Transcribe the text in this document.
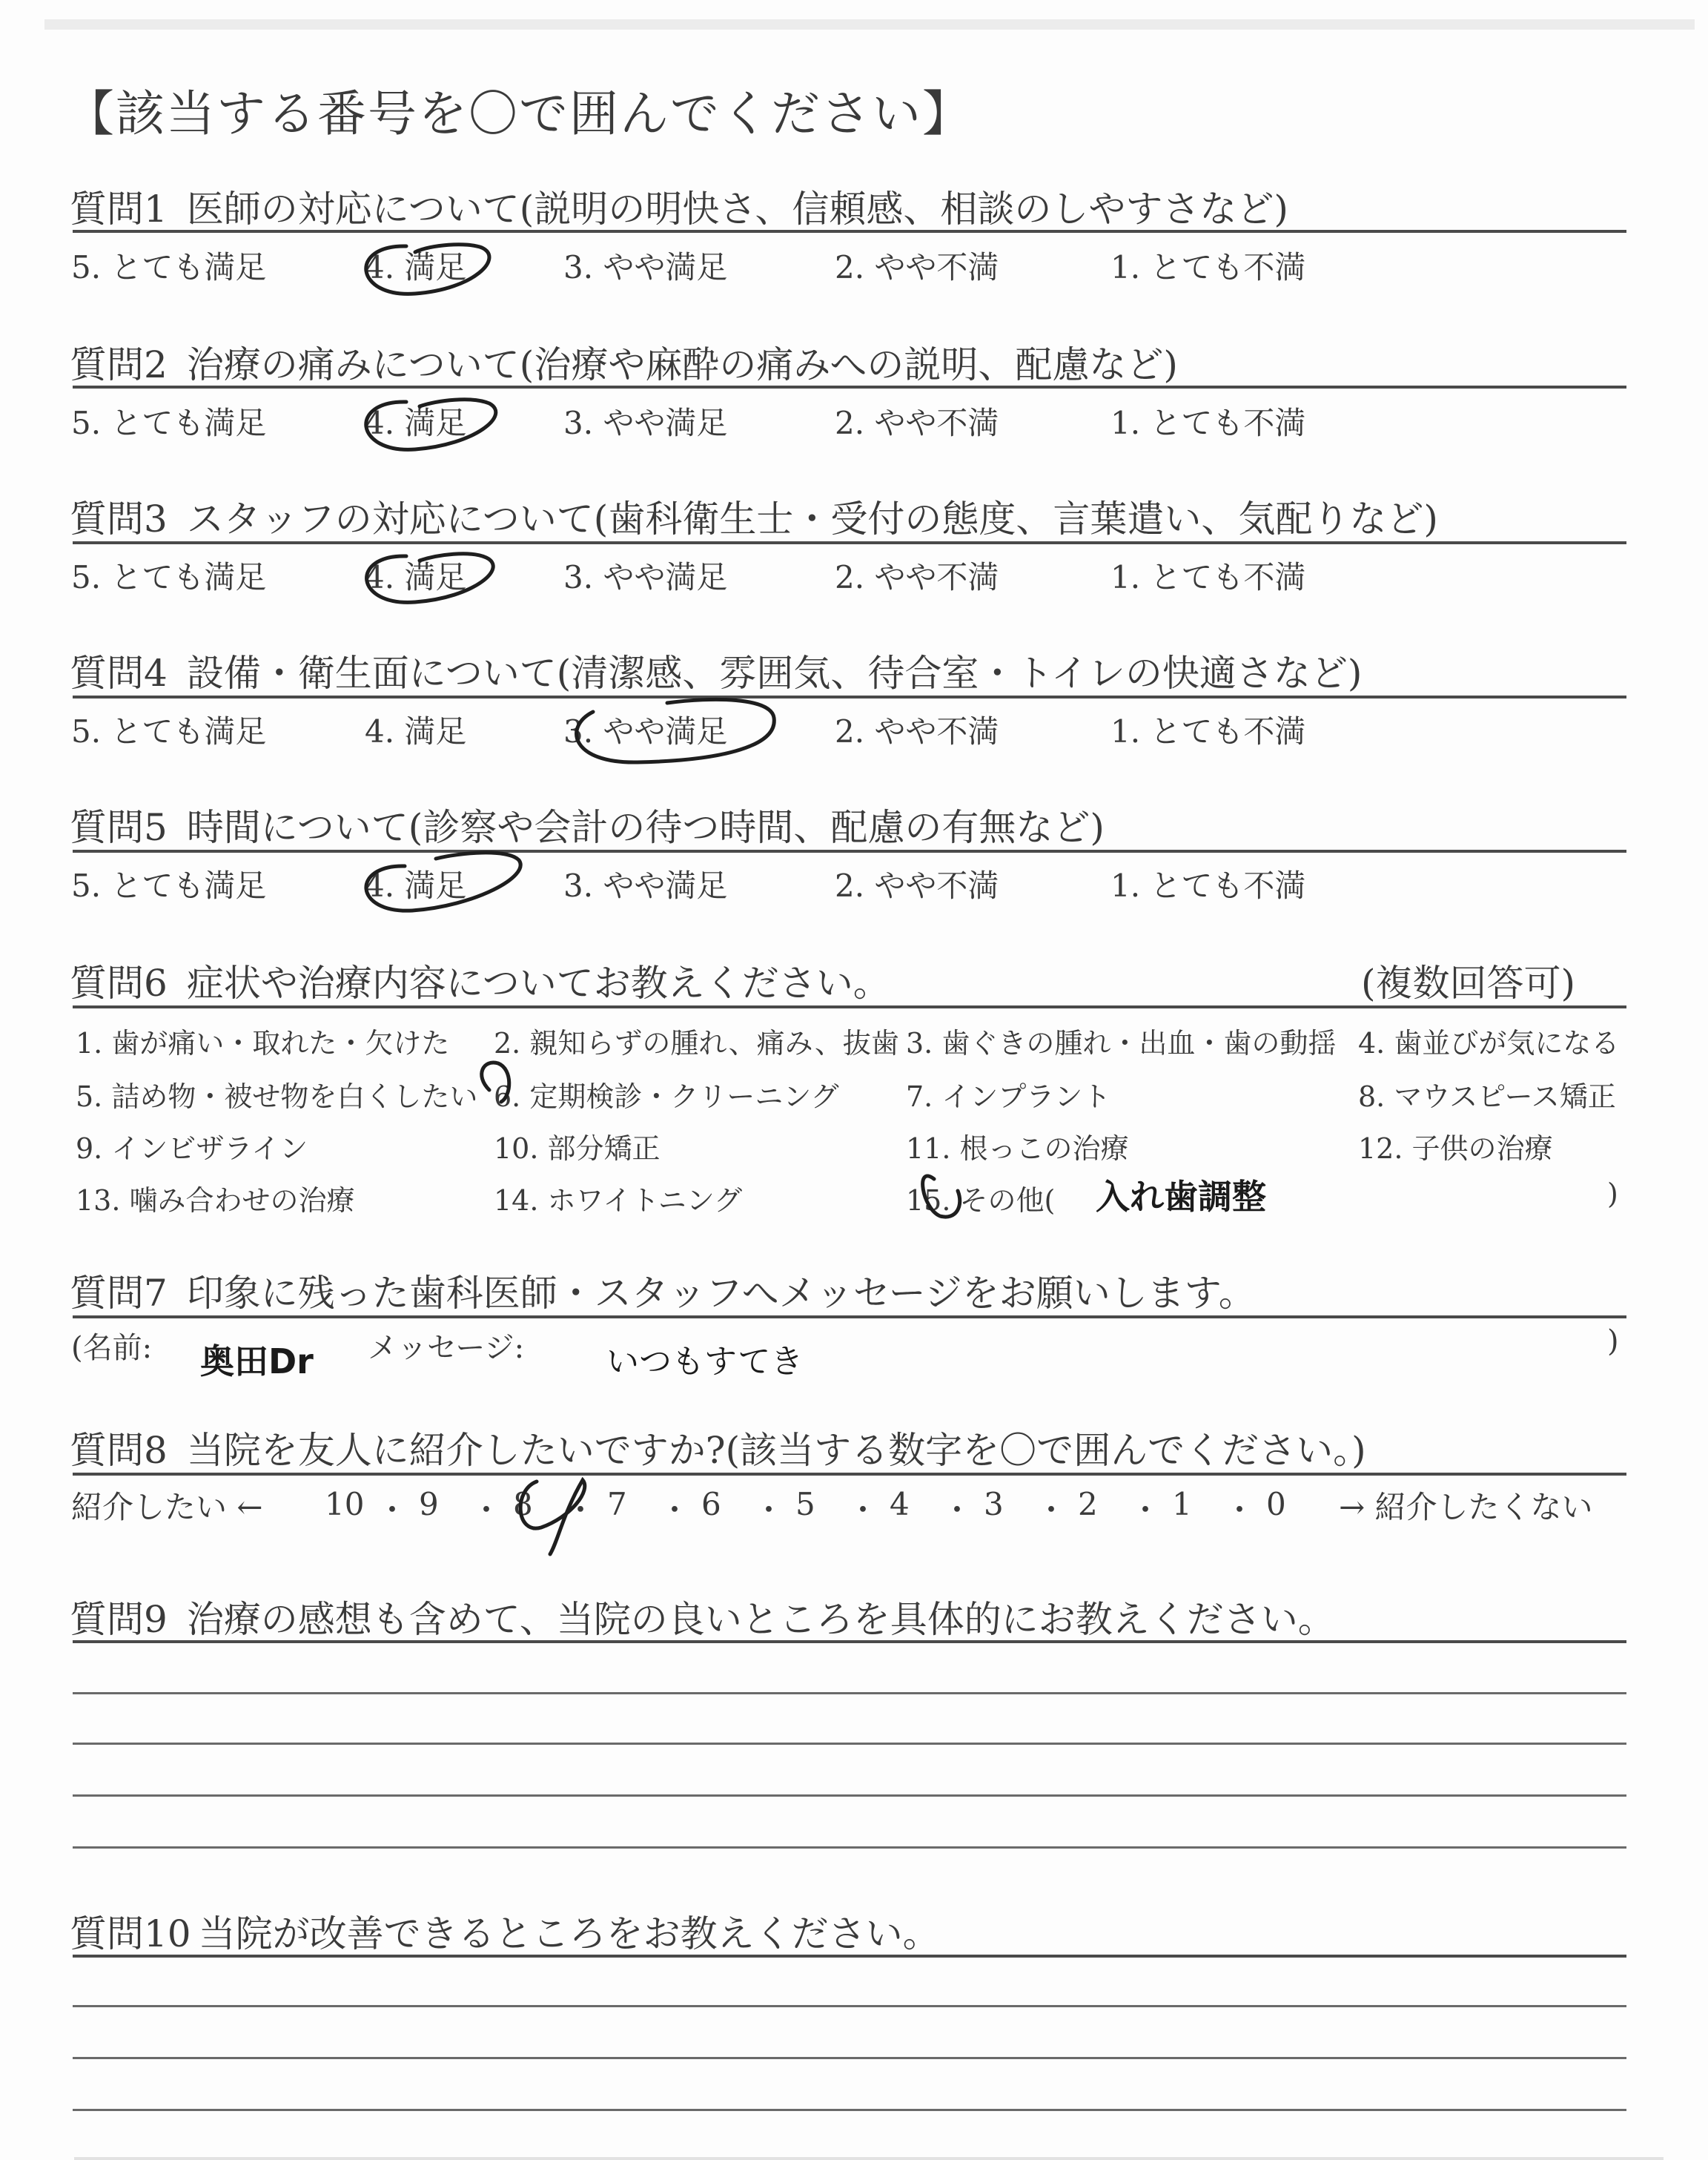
【該当する番号を〇で囲んでください】
質問1 医師の対応について(説明の明快さ、信頼感、相談のしやすさなど)
5. とても満足	4. 満足	3. やや満足	2. やや不満	1. とても不満
質問2 治療の痛みについて(治療や麻酔の痛みへの説明、配慮など)
5. とても満足	4. 満足	3. やや満足	2. やや不満	1. とても不満
質問3 スタッフの対応について(歯科衛生士・受付の態度、言葉遣い、気配りなど)
5. とても満足	4. 満足	3. やや満足	2. やや不満	1. とても不満
質問4 設備・衛生面について(清潔感、雰囲気、待合室・トイレの快適さなど)
5. とても満足	4. 満足	3. やや満足	2. やや不満	1. とても不満
質問5 時間について(診察や会計の待つ時間、配慮の有無など)
5. とても満足	4. 満足	3. やや満足	2. やや不満	1. とても不満
質問6 症状や治療内容についてお教えください。	(複数回答可)
1. 歯が痛い・取れた・欠けた 2. 親知らずの腫れ、痛み、抜歯 3. 歯ぐきの腫れ・出血・歯の動揺 4. 歯並びが気になる
5. 詰め物・被せ物を白くしたい 6. 定期検診・クリーニング 7. インプラント	8. マウスピース矯正
9. インビザライン	10. 部分矯正	11. 根っこの治療	12. 子供の治療
13. 噛み合わせの治療	14. ホワイトニング	15. その他( 入れ歯調整	)
質問7 印象に残った歯科医師・スタッフへメッセージをお願いします。
(名前: 奥田Dr メッセージ:	いつもすてき
)
質問8 当院を友人に紹介したいですか?(該当する数字を〇で囲んでください。)
紹介したい ←	→ 紹介したくない
10 ・ 9 ・ 8 ・ 7 ・ 6 ・ 5 ・ 4 ・ 3 ・ 2 ・ 1 ・ 0
質問9 治療の感想も含めて、当院の良いところを具体的にお教えください。
質問10 当院が改善できるところをお教えください。
